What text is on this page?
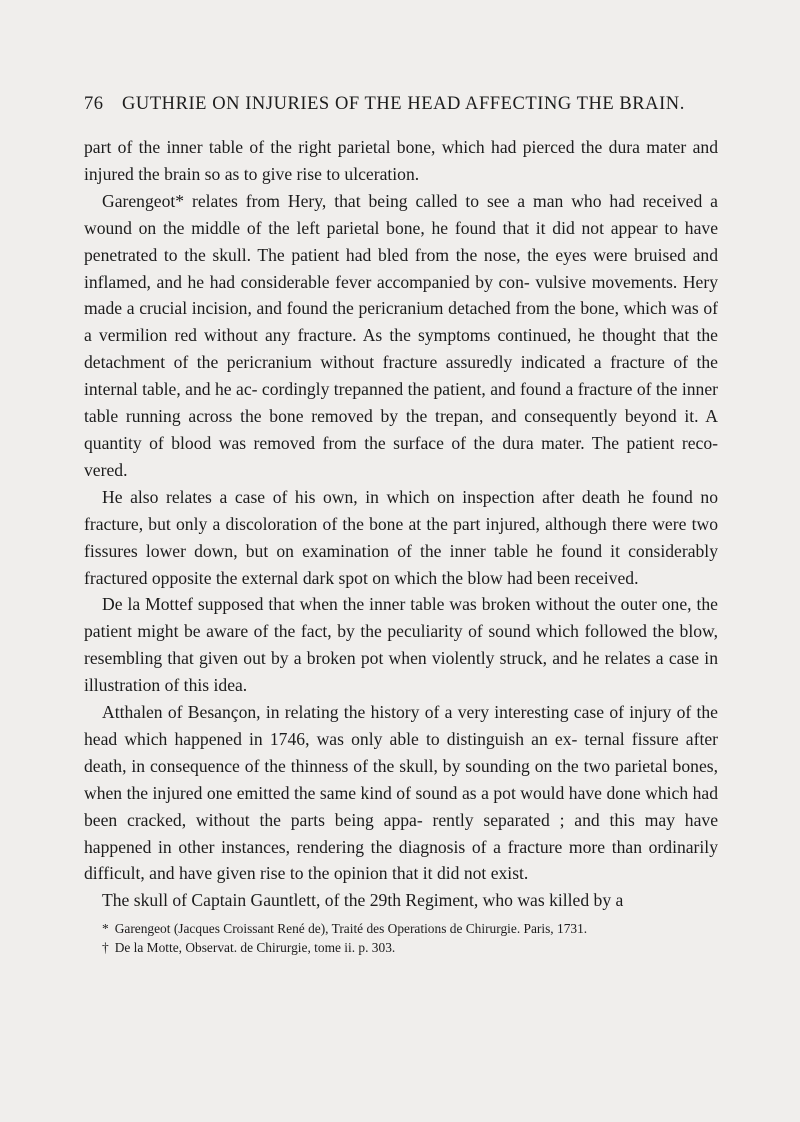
76 GUTHRIE ON INJURIES OF THE HEAD AFFECTING THE BRAIN.

part of the inner table of the right parietal bone, which had pierced the dura mater and injured the brain so as to give rise to ulceration.

Garengeot* relates from Hery, that being called to see a man who had received a wound on the middle of the left parietal bone, he found that it did not appear to have penetrated to the skull. The patient had bled from the nose, the eyes were bruised and inflamed, and he had considerable fever accompanied by con- vulsive movements. Hery made a crucial incision, and found the pericranium detached from the bone, which was of a vermilion red without any fracture. As the symptoms continued, he thought that the detachment of the pericranium without fracture assuredly indicated a fracture of the internal table, and he ac- cordingly trepanned the patient, and found a fracture of the inner table running across the bone removed by the trepan, and consequently beyond it. A quantity of blood was removed from the surface of the dura mater. The patient reco- vered.

He also relates a case of his own, in which on inspection after death he found no fracture, but only a discoloration of the bone at the part injured, although there were two fissures lower down, but on examination of the inner table he found it considerably fractured opposite the external dark spot on which the blow had been received.

De la Mottef supposed that when the inner table was broken without the outer one, the patient might be aware of the fact, by the peculiarity of sound which followed the blow, resembling that given out by a broken pot when violently struck, and he relates a case in illustration of this idea.

Atthalen of Besançon, in relating the history of a very interesting case of injury of the head which happened in 1746, was only able to distinguish an ex- ternal fissure after death, in consequence of the thinness of the skull, by sounding on the two parietal bones, when the injured one emitted the same kind of sound as a pot would have done which had been cracked, without the parts being appa- rently separated ; and this may have happened in other instances, rendering the diagnosis of a fracture more than ordinarily difficult, and have given rise to the opinion that it did not exist.

The skull of Captain Gauntlett, of the 29th Regiment, who was killed by a

* Garengeot (Jacques Croissant René de), Traité des Operations de Chirurgie. Paris, 1731.

† De la Motte, Observat. de Chirurgie, tome ii. p. 303.
